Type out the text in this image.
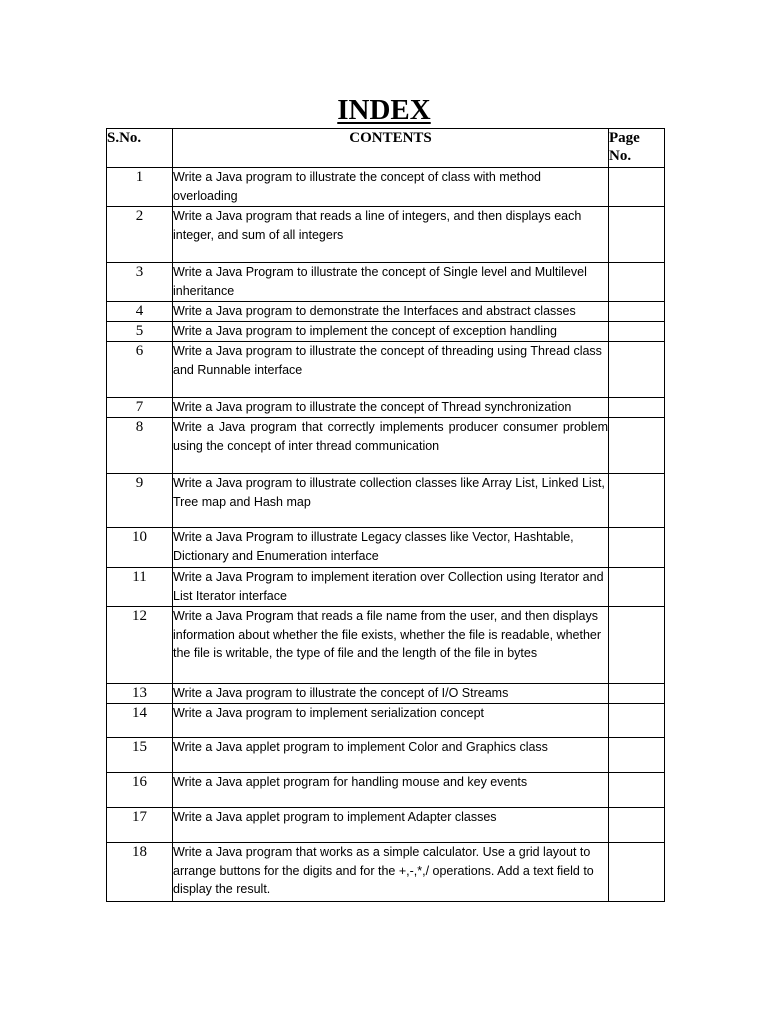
INDEX
S.No.	CONTENTS	Page No.
1	Write a Java program to illustrate the concept of class with method overloading	
2	Write a Java program that reads a line of integers, and then displays each integer, and sum of all integers	
3	Write a Java Program to illustrate the concept of Single level and Multilevel inheritance	
4	Write a Java program to demonstrate the Interfaces and abstract classes	
5	Write a Java program to implement the concept of exception handling	
6	Write a Java program to illustrate the concept of threading using Thread class and Runnable interface	
7	Write a Java program to illustrate the concept of Thread synchronization	
8	Write a Java program that correctly implements producer consumer problem using the concept of inter thread communication	
9	Write a Java program to illustrate collection classes like Array List, Linked List, Tree map and Hash map	
10	Write a Java Program to illustrate Legacy classes like Vector, Hashtable, Dictionary and Enumeration interface	
11	Write a Java Program to implement iteration over Collection using Iterator and List Iterator interface	
12	Write a Java Program that reads a file name from the user, and then displays information about whether the file exists, whether the file is readable, whether the file is writable, the type of file and the length of the file in bytes	
13	Write a Java program to illustrate the concept of I/O Streams	
14	Write a Java program to implement serialization concept	
15	Write a Java applet program to implement Color and Graphics class	
16	Write a Java applet program for handling mouse and key events	
17	Write a Java applet program to implement Adapter classes	
18	Write a Java program that works as a simple calculator. Use a grid layout to arrange buttons for the digits and for the +,-,*,/ operations. Add a text field to display the result.	
